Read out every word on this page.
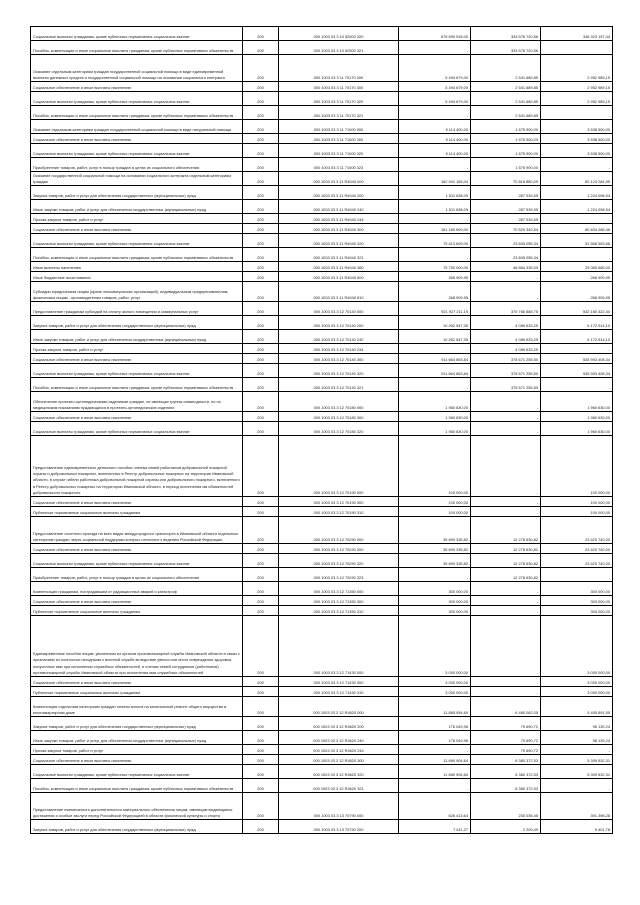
Социальные выплаты гражданам, кроме публичных нормативных социальных выплат	200	000 1003 03 3 10 52500 320	679 699 918,00	333 576 720,56	346 323 197,44
Пособия, компенсации и иные социальные выплаты гражданам, кроме публичных нормативных обязательств	200	000 1003 03 3 10 52500 321	-	333 576 720,56	-
Оказание отдельным категориям граждан государственной социальной помощи в виде единовременной выплаты денежных средств и государственной социальной помощи на основании социального контракта	200	000 1003 03 3 11 70170 000	5 494 679,00	2 541 689,85	2 952 989,15
Социальное обеспечение и иные выплаты населению	200	000 1003 03 3 11 70170 300	5 494 679,00	2 541 689,85	2 952 989,15
Социальные выплаты гражданам, кроме публичных нормативных социальных выплат	200	000 1003 03 3 11 70170 320	5 494 679,00	2 541 689,85	2 952 989,15
Пособия, компенсации и иные социальные выплаты гражданам, кроме публичных нормативных обязательств	200	000 1003 03 3 11 70170 321	-	2 541 689,85	-
Оказание отдельным категориям граждан государственной социальной помощи в виде натуральной помощи	200	000 1003 03 3 11 71000 000	5 114 400,00	1 575 900,00	3 538 500,00
Социальное обеспечение и иные выплаты населению	200	000 1003 03 3 11 71000 300	5 114 400,00	1 575 900,00	3 538 500,00
Социальные выплаты гражданам, кроме публичных нормативных социальных выплат	200	000 1003 03 3 11 71000 320	5 114 400,00	1 575 900,00	3 538 500,00
Приобретение товаров, работ, услуг в пользу граждан в целях их социального обеспечения	200	000 1003 03 3 11 71000 323	-	1 575 900,00	-
Оказание государственной социальной помощи на основании социального контракта отдельным категориям граждан	200	000 1003 03 3 11 R4040 000	162 941 165,04	70 816 880,09	82 124 284,95
Закупка товаров, работ и услуг для обеспечения государственных (муниципальных) нужд	200	000 1003 03 3 11 R4040 200	1 511 638,09	287 539,55	1 224 098,54
Иные закупки товаров, работ и услуг для обеспечения государственных (муниципальных) нужд	200	000 1003 03 3 11 R4040 240	1 511 638,09	287 539,55	1 224 098,54
Прочая закупка товаров, работ и услуг	200	000 1003 03 3 11 R4040 244	-	287 539,55	-
Социальное обеспечение и иные выплаты населению	200	000 1003 03 3 11 R4040 300	161 160 609,00	70 529 340,54	80 634 268,46
Социальные выплаты гражданам, кроме публичных нормативных социальных выплат	200	000 1003 03 3 11 R4040 320	75 413 609,00	23 845 055,34	51 568 553,66
Пособия, компенсации и иные социальные выплаты гражданам, кроме публичных нормативных обязательств	200	000 1003 03 3 11 R4040 321	-	23 845 055,34	-
Иные выплаты населению	200	000 1003 03 3 11 R4040 360	75 750 000,00	46 684 335,00	29 065 665,00
Иные бюджетные ассигнования	200	000 1003 03 3 11 R4040 800	268 909,95	-	268 909,95
Субсидии юридическим лицам (кроме некоммерческих организаций), индивидуальным предпринимателям, физическим лицам - производителям товаров, работ, услуг	200	000 1003 03 3 11 R4040 810	268 909,95	-	268 909,95
Предоставление гражданам субсидий на оплату жилого помещения и коммунальных услуг	200	000 1003 03 3 12 70140 000	921 927 211,19	379 766 888,75	542 160 322,44
Закупка товаров, работ и услуг для обеспечения государственных (муниципальных) нужд	200	000 1003 03 3 12 70140 200	10 262 547,35	4 089 633,25	6 172 914,10
Иные закупки товаров, работ и услуг для обеспечения государственных (муниципальных) нужд	200	000 1003 03 3 12 70140 240	10 262 547,35	4 089 633,25	6 172 914,10
Прочая закупка товаров, работ и услуг	200	000 1003 03 3 12 70140 244	-	4 089 633,25	-
Социальное обеспечение и иные выплаты населению	200	000 1003 03 3 12 70140 300	911 664 663,84	375 671 255,50	535 993 408,34
Социальные выплаты гражданам, кроме публичных нормативных социальных выплат	200	000 1003 03 3 12 70140 320	911 664 663,84	375 671 255,50	535 993 408,34
Пособия, компенсации и иные социальные выплаты гражданам, кроме публичных нормативных обязательств	200	000 1003 03 3 12 70140 321	-	375 671 255,50	-
Обеспечение протезно-ортопедическими изделиями граждан, не имеющих группы инвалидности, но по медицинским показаниям нуждающихся в протезно-ортопедических изделиях	200	000 1003 03 3 12 70180 000	1 960 630,00	-	1 960 630,00
Социальное обеспечение и иные выплаты населению	200	000 1003 03 3 12 70180 300	1 960 630,00	-	1 960 630,00
Социальные выплаты гражданам, кроме публичных нормативных социальных выплат	200	000 1003 03 3 12 70180 320	1 960 630,00	-	1 960 630,00
Предоставление единовременного денежного пособия членам семей работников добровольной пожарной охраны и добровольных пожарных, включенных в Реестр добровольных пожарных на территории Ивановской области, в случае гибели работника добровольной пожарной охраны или добровольного пожарного, включенного в Реестр добровольных пожарных на территории Ивановской области, в период исполнения им обязанностей добровольного пожарного	200	000 1003 03 3 12 70190 000	100 000,00	-	100 000,00
Социальное обеспечение и иные выплаты населению	200	000 1003 03 3 12 70190 300	100 000,00	-	100 000,00
Публичные нормативные социальные выплаты гражданам	200	000 1003 03 3 12 70190 310	100 000,00	-	100 000,00
Предоставление льготного проезда на всех видах междугородного транспорта в Ивановской области отдельным категориям граждан, меры социальной поддержки которых относятся к ведению Российской Федерации	200	000 1003 03 3 12 70290 000	35 699 335,82	12 278 630,82	23 420 740,00
Социальное обеспечение и иные выплаты населению	200	000 1003 03 3 12 70290 300	35 699 335,82	12 278 630,82	23 420 740,00
Социальные выплаты гражданам, кроме публичных нормативных социальных выплат	200	000 1003 03 3 12 70290 320	35 699 335,82	12 278 630,82	23 420 740,00
Приобретение товаров, работ, услуг в пользу граждан в целях их социального обеспечения	200	000 1003 03 3 12 70290 323	-	12 278 630,82	-
Компенсация гражданам, пострадавшим от радиационных аварий и катастроф	200	000 1003 03 3 12 71350 000	300 000,00	-	300 000,00
Социальное обеспечение и иные выплаты населению	200	000 1003 03 3 12 71350 300	300 000,00	-	300 000,00
Публичные нормативные социальные выплаты гражданам	200	000 1003 03 3 12 71350 310	300 000,00	-	300 000,00
Единовременные пособия лицам, уволенным из органов противопожарной службы Ивановской области в связи с признанием их полностью негодными к военной службе вследствие увечья или иного повреждения здоровья, полученных ими при исполнении служебных обязанностей, и членам семей сотрудников (работников) противопожарной службы Ивановской области при исполнении ими служебных обязанностей	200	000 1003 03 3 12 71430 000	3 000 000,00	-	3 000 000,00
Социальное обеспечение и иные выплаты населению	200	000 1003 03 3 12 71430 300	3 000 000,00	-	3 000 000,00
Публичные нормативные социальные выплаты гражданам	200	000 1003 03 3 12 71430 310	3 000 000,00	-	3 000 000,00
Компенсация отдельным категориям граждан оплаты взноса на капитальный ремонт общего имущества в многоквартирном доме	200	000 1003 03 3 12 R4620 000	11 865 954,60	6 460 062,05	5 405 891,55
Закупка товаров, работ и услуг для обеспечения государственных (муниципальных) нужд	200	000 1003 03 3 12 R4620 200	176 049,96	79 690,72	96 139,24
Иные закупки товаров, работ и услуг для обеспечения государственных (муниципальных) нужд	200	000 1003 03 3 12 R4620 240	176 049,96	79 690,72	96 139,24
Прочая закупка товаров, работ и услуг	200	000 1003 03 3 12 R4620 244	-	79 690,72	-
Социальное обеспечение и иные выплаты населению	200	000 1003 03 3 12 R4620 300	11 689 904,64	6 380 372,53	5 309 532,31
Социальные выплаты гражданам, кроме публичных нормативных социальных выплат	200	000 1003 03 3 12 R4620 320	11 689 904,64	6 380 372,53	5 309 532,31
Пособия, компенсации и иные социальные выплаты гражданам, кроме публичных нормативных обязательств	200	000 1003 03 3 12 R4620 321	-	6 380 372,53	-
Предоставление ежемесячного дополнительного материального обеспечения лицам, имеющим выдающиеся достижения и особые заслуги перед Российской Федерацией в области физической культуры и спорта	200	000 1003 03 3 13 70790 000	626 413,63	235 035,45	391 398,28
Закупка товаров, работ и услуг для обеспечения государственных (муниципальных) нужд	200	000 1003 03 3 13 70790 200	7 611,27	2 209,49	5 401,78
